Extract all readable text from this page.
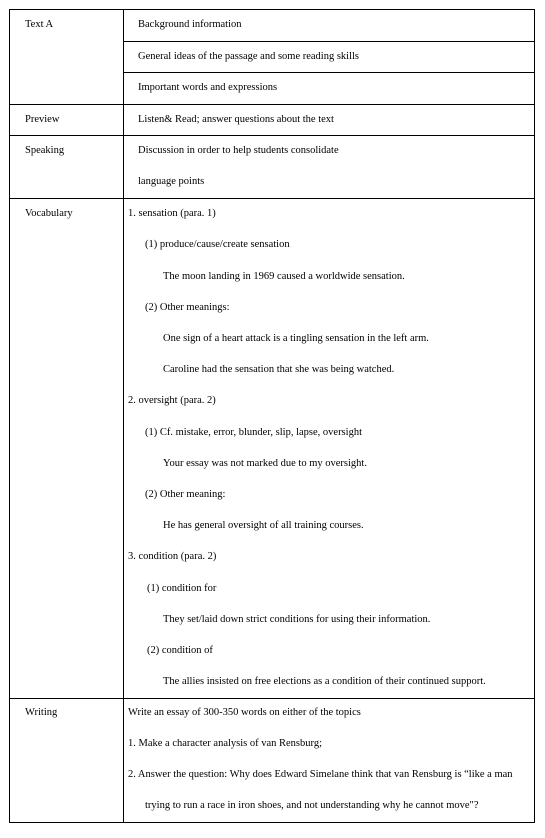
Text A	Background information
General ideas of the passage and some reading skills
Important words and expressions
Preview	Listen& Read; answer questions about the text
Speaking	Discussion in order to help students consolidate
language points
Vocabulary	1. sensation (para. 1)
(1) produce/cause/create sensation
The moon landing in 1969 caused a worldwide sensation.
(2) Other meanings:
One sign of a heart attack is a tingling sensation in the left arm.
Caroline had the sensation that she was being watched.
2. oversight (para. 2)
(1) Cf. mistake, error, blunder, slip, lapse, oversight
Your essay was not marked due to my oversight.
(2) Other meaning:
He has general oversight of all training courses.
3. condition (para. 2)
(1) condition for
They set/laid down strict conditions for using their information.
(2) condition of
The allies insisted on free elections as a condition of their continued support.
Writing	Write an essay of 300-350 words on either of the topics
1. Make a character analysis of van Rensburg;
2. Answer the question: Why does Edward Simelane think that van Rensburg is “like a man
trying to run a race in iron shoes, and not understanding why he cannot move"?
